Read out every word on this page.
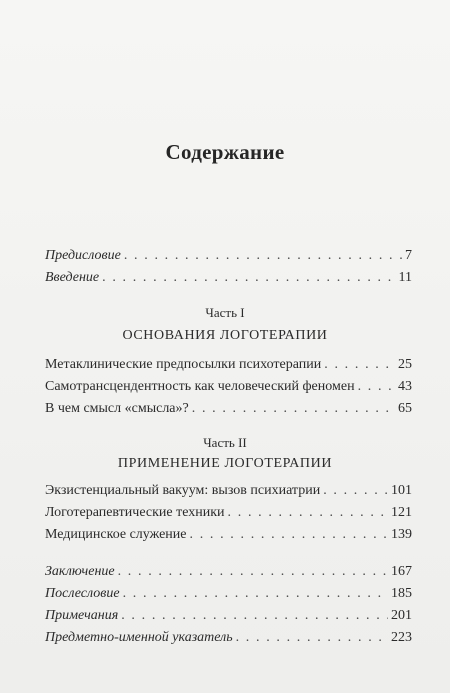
Содержание
Предисловие . . .	7
Введение . . .	11
Часть I
ОСНОВАНИЯ ЛОГОТЕРАПИИ
Метаклинические предпосылки психотерапии . . .	25
Самотрансцендентность как человеческий феномен . . .	43
В чем смысл «смысла»? . . .	65
Часть II
ПРИМЕНЕНИЕ ЛОГОТЕРАПИИ
Экзистенциальный вакуум: вызов психиатрии . . .	101
Логотерапевтические техники . . .	121
Медицинское служение . . .	139
Заключение . . .	167
Послесловие . . .	185
Примечания . . .	201
Предметно-именной указатель . . .	223
